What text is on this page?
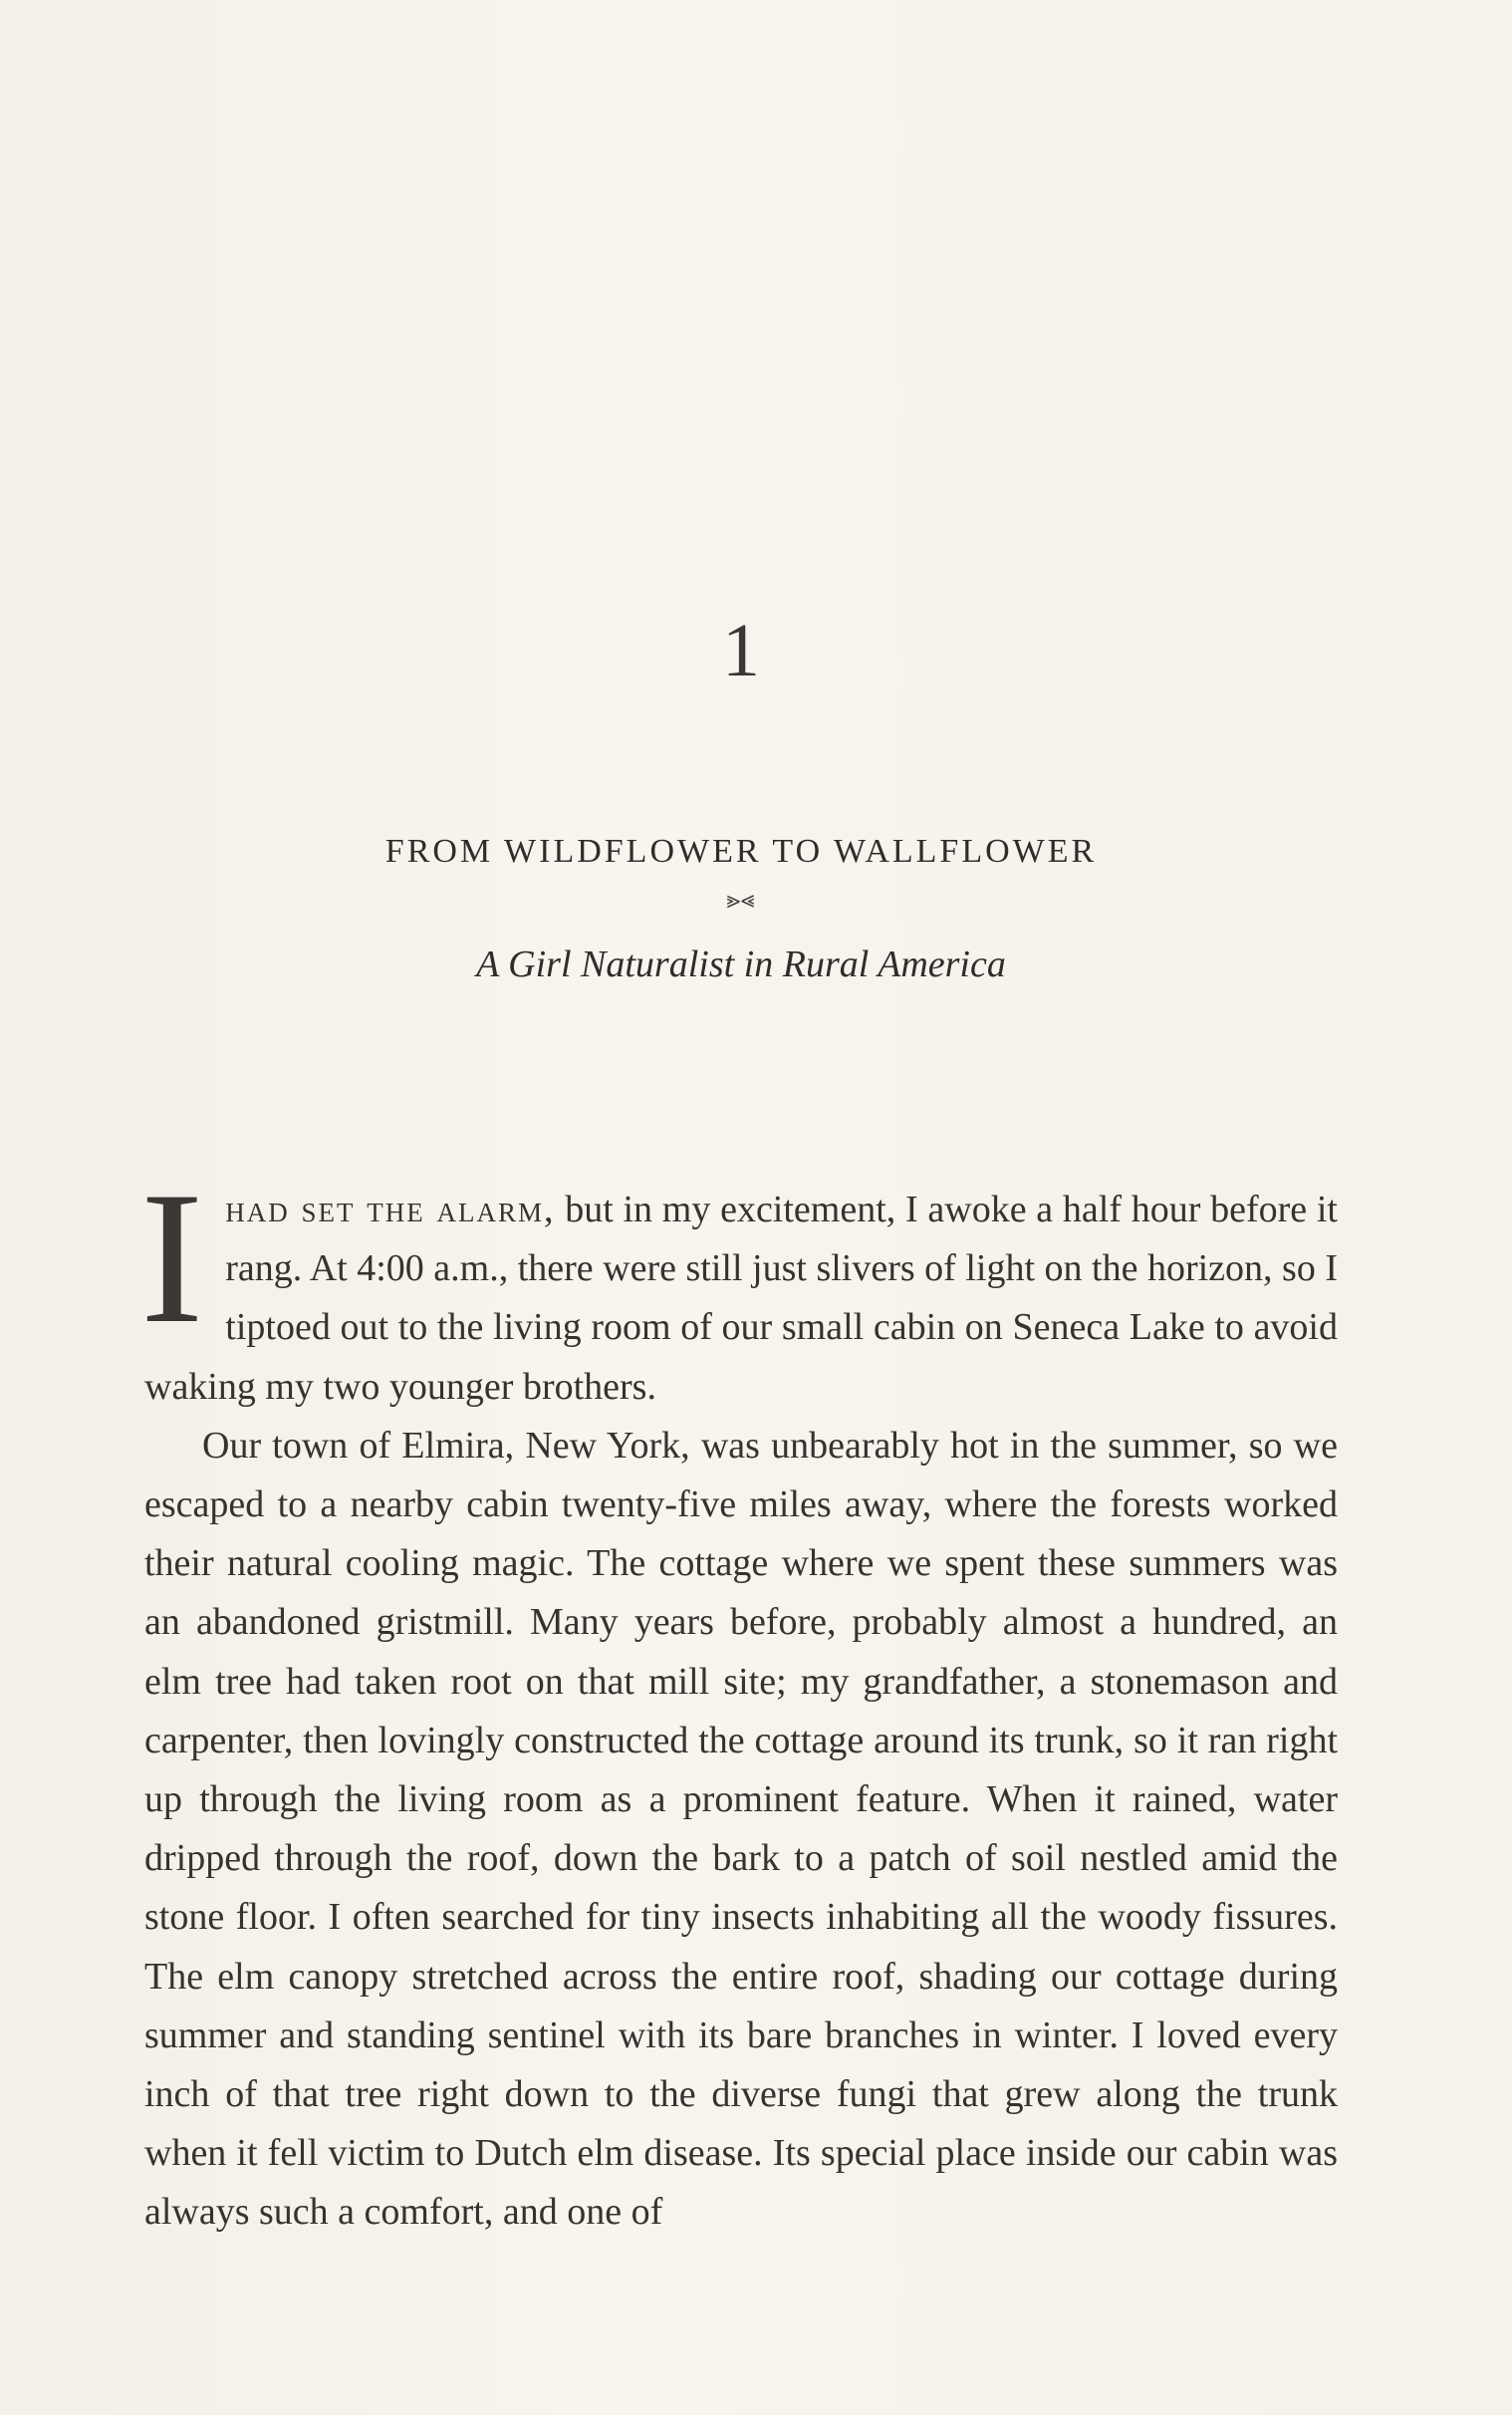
1
FROM WILDFLOWER TO WALLFLOWER
⪢⪡
A Girl Naturalist in Rural America

Ihad set the alarm, but in my excitement, I awoke a half hour before it rang. At 4:00 a.m., there were still just slivers of light on the horizon, so I tiptoed out to the living room of our small cabin on Seneca Lake to avoid waking my two younger brothers.

Our town of Elmira, New York, was unbearably hot in the summer, so we escaped to a nearby cabin twenty-five miles away, where the forests worked their natural cooling magic. The cottage where we spent these summers was an abandoned gristmill. Many years before, probably almost a hundred, an elm tree had taken root on that mill site; my grandfather, a stonemason and carpenter, then lovingly constructed the cottage around its trunk, so it ran right up through the living room as a prominent feature. When it rained, water dripped through the roof, down the bark to a patch of soil nestled amid the stone floor. I often searched for tiny insects inhabiting all the woody fissures. The elm canopy stretched across the entire roof, shading our cottage during summer and standing sentinel with its bare branches in winter. I loved every inch of that tree right down to the diverse fungi that grew along the trunk when it fell victim to Dutch elm disease. Its special place inside our cabin was always such a comfort, and one of
